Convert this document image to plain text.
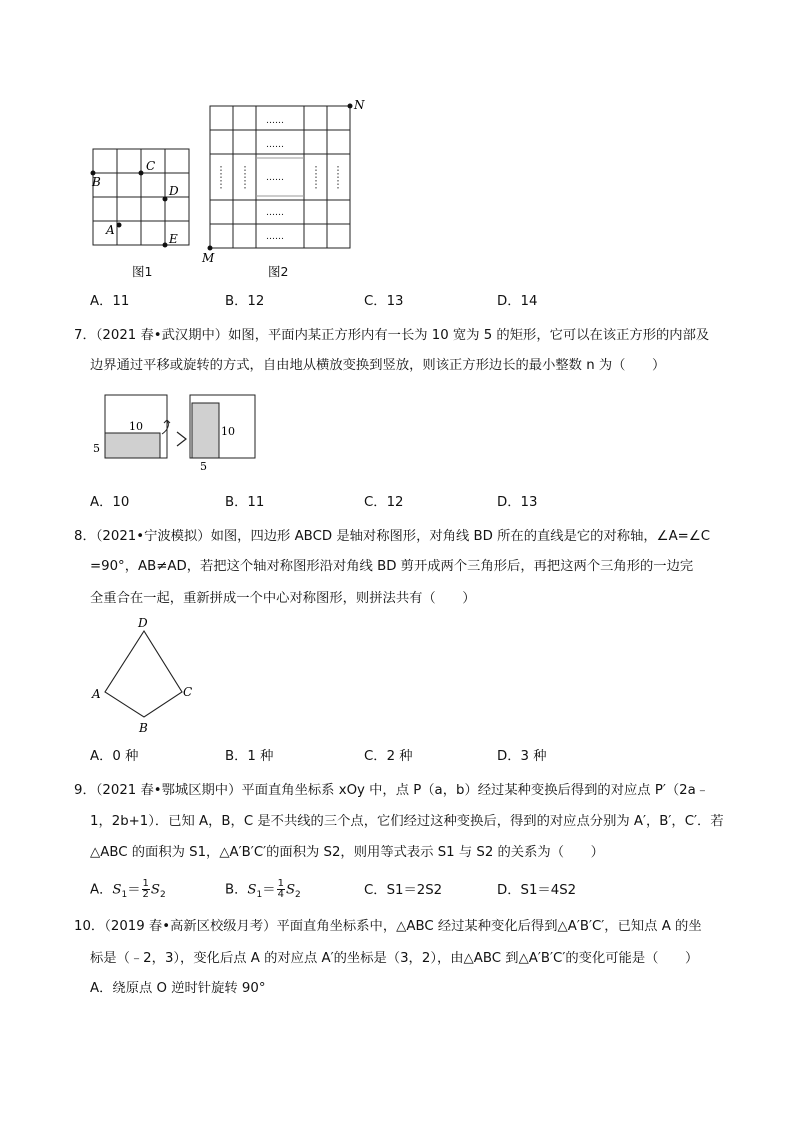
B
C
D
A
E
图1
……
……
……
……
……
M
N
图2
A．11	B．12	C．13	D．14
7．（2021 春•武汉期中）如图，平面内某正方形内有一长为 10 宽为 5 的矩形，它可以在该正方形的内部及
边界通过平移或旋转的方式，自由地从横放变换到竖放，则该正方形边长的最小整数 n 为（　　）
10
5
10
5
A．10	B．11	C．12	D．13
8．（2021•宁波模拟）如图，四边形 ABCD 是轴对称图形，对角线 BD 所在的直线是它的对称轴，∠A=∠C
=90°，AB≠AD，若把这个轴对称图形沿对角线 BD 剪开成两个三角形后，再把这两个三角形的一边完
全重合在一起，重新拼成一个中心对称图形，则拼法共有（　　）
D
A	C
B
A．0 种	B．1 种	C．2 种	D．3 种
9．（2021 春•鄂城区期中）平面直角坐标系 xOy 中，点 P（a，b）经过某种变换后得到的对应点 P′（2a﹣
1，2b+1）．已知 A，B，C 是不共线的三个点，它们经过这种变换后，得到的对应点分别为 A′，B′，C′．若
△ABC 的面积为 S1，△A′B′C′的面积为 S2，则用等式表示 S1 与 S2 的关系为（　　）
A．$S_1= \frac{1}{2} S_2$	B．$S_1= \frac{1}{4} S_2$	C．S1＝2S2	D．S1＝4S2
10．（2019 春•高新区校级月考）平面直角坐标系中，△ABC 经过某种变化后得到△A′B′C′，已知点 A 的坐
标是（﹣2，3），变化后点 A 的对应点 A′的坐标是（3，2），由△ABC 到△A′B′C′的变化可能是（　　）
A．绕原点 O 逆时针旋转 90°
